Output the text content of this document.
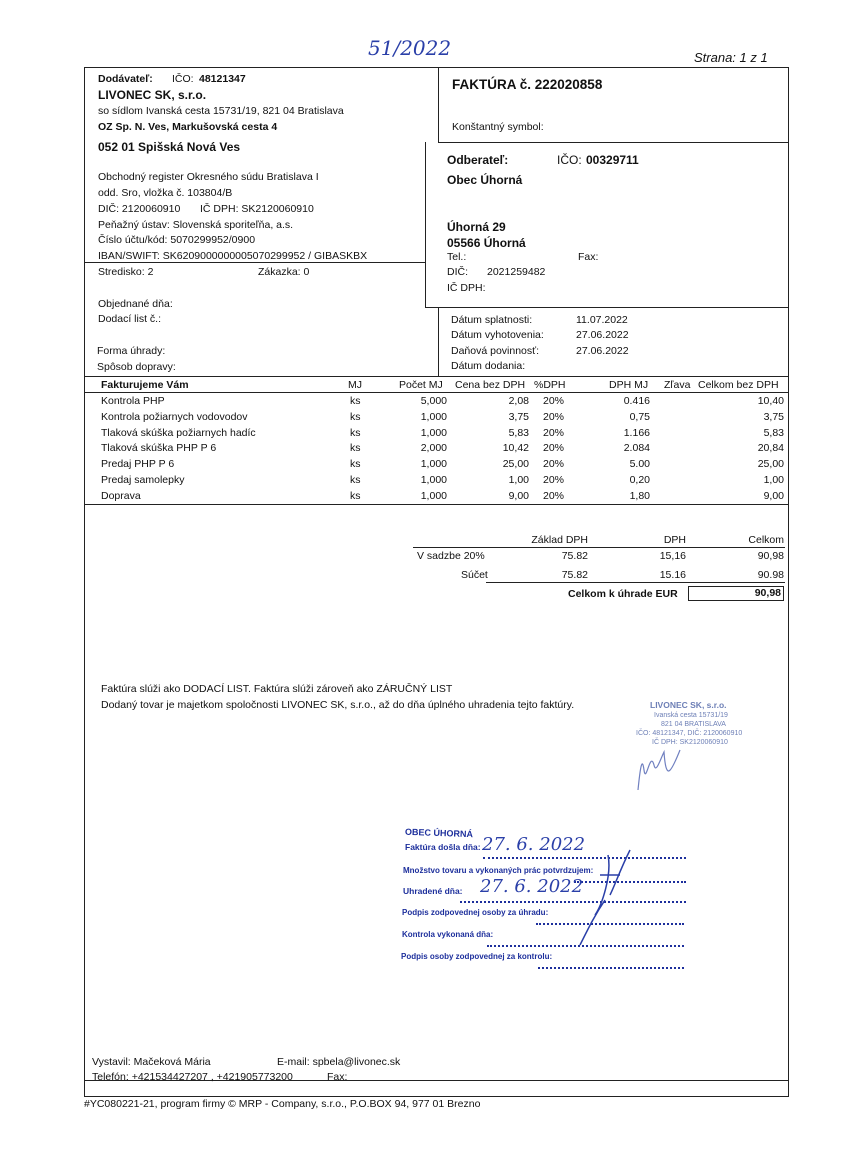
51/2022	Strana: 1 z 1
Dodávateľ: IČO: 48121347
LIVONEC SK, s.r.o.
so sídlom Ivanská cesta 15731/19, 821 04 Bratislava
OZ Sp. N. Ves, Markušovská cesta 4
052 01 Spišská Nová Ves
Obchodný register Okresného súdu Bratislava I
odd. Sro, vložka č. 103804/B
DIČ: 2120060910 IČ DPH: SK2120060910
Peňažný ústav: Slovenská sporiteľňa, a.s.
Číslo účtu/kód: 5070299952/0900
IBAN/SWIFT: SK6209000000005070299952 / GIBASKBX
Stredisko: 2	Zákazka: 0
FAKTÚRA č. 222020858
Konštantný symbol:
Odberateľ:	IČO: 00329711
Obec Úhorná
Úhorná 29
05566 Úhorná
Tel.:	Fax:
DIČ: 2021259482
IČ DPH:
Objednané dňa:
Dodací list č.:
Forma úhrady:
Spôsob dopravy:
Dátum splatnosti:	11.07.2022
Dátum vyhotovenia:	27.06.2022
Daňová povinnosť:	27.06.2022
Dátum dodania:
Fakturujeme Vám	MJ	Počet MJ Cena bez DPH %DPH	DPH MJ Zľava Celkom bez DPH
Kontrola PHP	ks	5,000	2,08 20%	0.416	10,40
Kontrola požiarnych vodovodov	ks	1,000	3,75 20%	0,75	3,75
Tlaková skúška požiarnych hadíc	ks	1,000	5,83 20%	1.166	5,83
Tlaková skúška PHP P 6	ks	2,000	10,42 20%	2.084	20,84
Predaj PHP P 6	ks	1,000	25,00 20%	5.00	25,00
Predaj samolepky	ks	1,000	1,00 20%	0,20	1,00
Doprava	ks	1,000	9,00 20%	1,80	9,00
Základ DPH	DPH	Celkom
V sadzbe 20%	75.82	15,16	90,98
Súčet	75.82	15.16	90.98
Celkom k úhrade EUR	90,98
Faktúra slúži ako DODACÍ LIST. Faktúra slúži zároveň ako ZÁRUČNÝ LIST
Dodaný tovar je majetkom spoločnosti LIVONEC SK, s.r.o., až do dňa úplného uhradenia tejto faktúry.	LIVONEC SK, s.r.o.
Ivanská cesta 15731/19
821 04 BRATISLAVA
IČO: 48121347, DIČ: 2120060910
IČ DPH: SK2120060910
OBEC ÚHORNÁ
Faktúra došla dňa: 27. 6. 2022
Množstvo tovaru a vykonaných prác potvrdzujem:
Uhradené dňa: 27. 6. 2022
Podpis zodpovednej osoby za úhradu:
Kontrola vykonaná dňa:
Podpis osoby zodpovednej za kontrolu:
Vystavil: Mačeková Mária	E-mail: spbela@livonec.sk
Telefón: +421534427207 , +421905773200	Fax:
#YC080221-21, program firmy © MRP - Company, s.r.o., P.O.BOX 94, 977 01 Brezno
